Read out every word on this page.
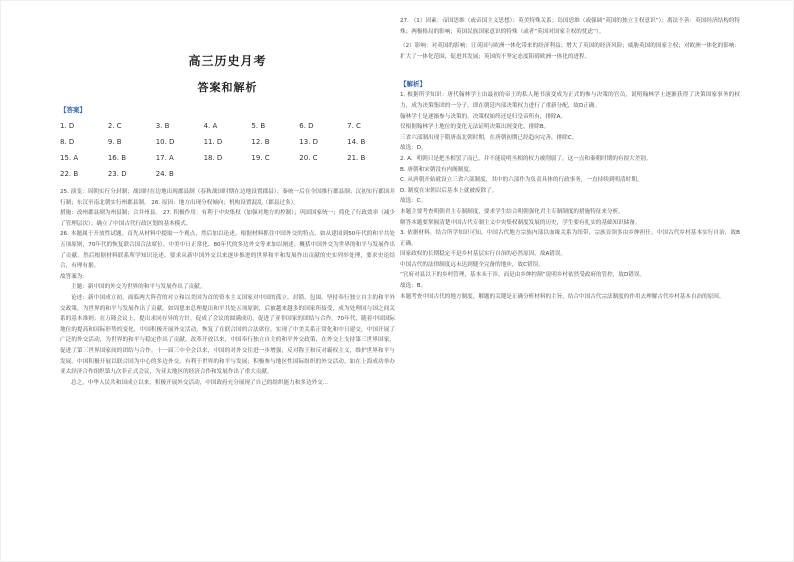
高三历史月考
答案和解析
【答案】
1. D	2. C	3. B	4. A	5. B	6. D	7. C
8. D	9. B	10. D	11. D	12. B	13. D	14. B
15. A	16. B	17. A	18. D	19. C	20. C	21. B
22. B	23. D	24. B

25. 演变：周朝实行分封制；战国时在边地出现郡县制（春秋战国时期在边地设置郡县）；秦统一后在全国推行郡县制；汉初实行郡国并行制；东汉至南北朝实行州郡县制。 26. 原因：地方出现分权倾向；机构设置混乱（郡县过多）。

措施：改州郡县制为州县制；合并州县。 27. 积极作用：有利于中央集权（加强对地方的控制）；巩固国家统一；简化了行政效率（减少了管理层次）；确立了中国古代行政区划的基本模式。

26. 本题属于开放性试题。首先从材料中提取一个观点，然后加以论述。根据材料抓住中国外交的特点，如从建国到50年代的和平共处五项原则，70年代的恢复联合国合法席位、中美中日正常化、80年代的多边外交等来加以阐述。概括中国外交为世界的和平与发展作出了贡献。然后根据材料联系所学知识论述。要求从新中国外交以来逐步推进的世界和平和发展作出贡献的史实列举处理，要求史论结合，有理有据。

故答案为：

主题：新中国的外交为世界的和平与发展作出了贡献。

论述：新中国成立初，面临两大阵营的对立和以美国为首的资本主义国家对中国的孤立、封锁、包围，坚持奉行独立自主的和平外交政策，为世界的和平与发展作出了贡献。如周恩来总理提出和平共处五项原则，后被越来越多的国家所接受，成为处理国与国之间关系的基本准则；在万隆会议上，提出求同存异的方针，促成了会议的圆满成功，促进了亚非国家的团结与合作。70年代，随着中国国际地位的提高和国际形势的变化，中国积极开展外交活动，恢复了在联合国的合法席位，实现了中美关系正常化和中日建交，中国开展了广泛的外交活动，为世界的和平与稳定作出了贡献。改革开放以来，中国奉行独立自主的和平外交政策，在外交上支持第三世界国家，促进了第三世界国家间的团结与合作。十一届三中全会以来，中国的对外交往进一步增强，反对称王和反对霸权主义，维护世界和平与发展。中国积极开展以联合国为中心的多边外交，有利于世界的和平与发展；积极参与地区性国际组织的外交活动，如在上海成功举办亚太经济合作组织第九次非正式会议，为亚太地区的经济合作和发展作出了重大贡献。

总之，中华人民共和国成立以来，积极开展外交活动，中国政府充分展现了自己的组织能力和多边外交...

27. （1）因素：帝国思维（或帝国主义思想）；英美特殊关系；岛国思维（或强调“英国的独立主权意识”）；离法不善：英国经济结构的特殊；两极格局的影响；英国民族国家意识的特殊（或者“英国对国家主权的忧虑”）。

（2）影响：对英国的影响：让英国与欧洲一体化带来的经济利益；增大了英国的经济风险；威胁英国的国家主权；对欧洲一体化的影响：扩大了一体化范围，促进其发展；英国的不坚定态度阻碍欧洲一体化的进程。

【解析】

1. 根据所学知识：唐代翰林学士由最初的帝王的私人秘书演变成为正式的参与决策的官员，说明翰林学士逐渐获得了决策国家事务的权力，成为决策集团的一分子，即在朝廷内部决策权力进行了重新分配，故D正确。

翰林学士是逐渐参与决策的，决策权始终还是归皇帝所有，排除A。

仅根据翰林学士地位的变化无法证明决策出现变化，排除B。

三省六部制出现于隋唐南北朝时期，在唐朝初期已经趋向完善，排除C。

故选：D。

2. A．明朝只是把丞相罢了而已，并不能说明丞相的权力被削弱了，这一点和秦朝时期的有很大差别。

B. 唐朝和宋朝没有内阁制度。

C. 从唐朝开始就设立三省六部制度，其中的六部作为负责具体的行政事务，一直持续到明清时期。

D. 制度在宋朝以后基本上就被废除了。

故选：C。

本题主要考查明朝君主专制制度，要求学生结合明朝强化君主专制制度的措施特征来分析。

解答本题要掌握清楚中国古代专制主义中央集权制度发展的历史，学生要有扎实的基础知识储备。

3. 依据材料，结合所学知识可知，中国古代地方宗族内部以血缘关系为纽带，宗族首领多由乡绅担任，中国古代乡村基本实行自治，故B正确。

国家政权的长期稳定不是乡村基层实行自治的必然原因，故A错误。

中国古代的法律制度远未达到健全完备的地步，故C错误。

“官府对县以下的乡村管理，基本未干涉，而是由乡绅控制”说明乡村依然受政府的管控，故D错误。

故选：B。

本题考查中国古代的地方制度。解题的关键是正确分析材料的主旨，结合中国古代宗法制度的作用去理解古代乡村基本自治的原因。
